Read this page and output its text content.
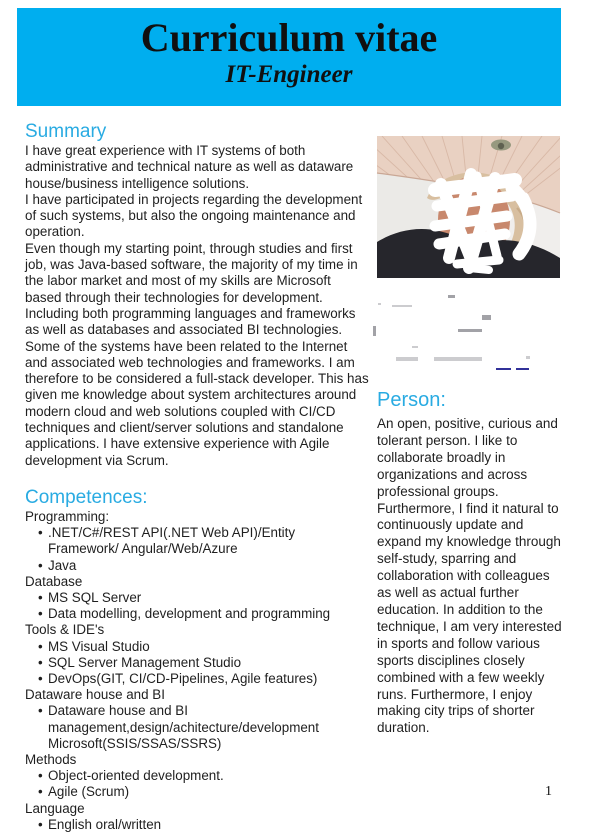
Curriculum vitae
IT-Engineer
Summary

I have great experience with IT systems of both administrative and technical nature as well as dataware house/business intelligence solutions.

I have participated in projects regarding the development of such systems, but also the ongoing maintenance and operation.

Even though my starting point, through studies and first job, was Java-based software, the majority of my time in the labor market and most of my skills are Microsoft based through their technologies for development. Including both programming languages and frameworks as well as databases and associated BI technologies. Some of the systems have been related to the Internet and associated web technologies and frameworks. I am therefore to be considered a full-stack developer. This has given me knowledge about system architectures around modern cloud and web solutions coupled with CI/CD techniques and client/server solutions and standalone applications. I have extensive experience with Agile development via Scrum.

Competences:
Programming:
• .NET/C#/REST API(.NET Web API)/Entity Framework/ Angular/Web/Azure
• Java
Database
• MS SQL Server
• Data modelling, development and programming
Tools & IDE's
• MS Visual Studio
• SQL Server Management Studio
• DevOps(GIT, CI/CD-Pipelines, Agile features)
Dataware house and BI
• Dataware house and BI management,design/achitecture/development Microsoft(SSIS/SSAS/SSRS)
Methods
• Object-oriented development.
• Agile (Scrum)
Language
• English oral/written
Person:
An open, positive, curious and tolerant person. I like to collaborate broadly in organizations and across professional groups. Furthermore, I find it natural to continuously update and expand my knowledge through self-study, sparring and collaboration with colleagues as well as actual further education. In addition to the technique, I am very interested in sports and follow various sports disciplines closely combined with a few weekly runs. Furthermore, I enjoy making city trips of shorter duration.
1
